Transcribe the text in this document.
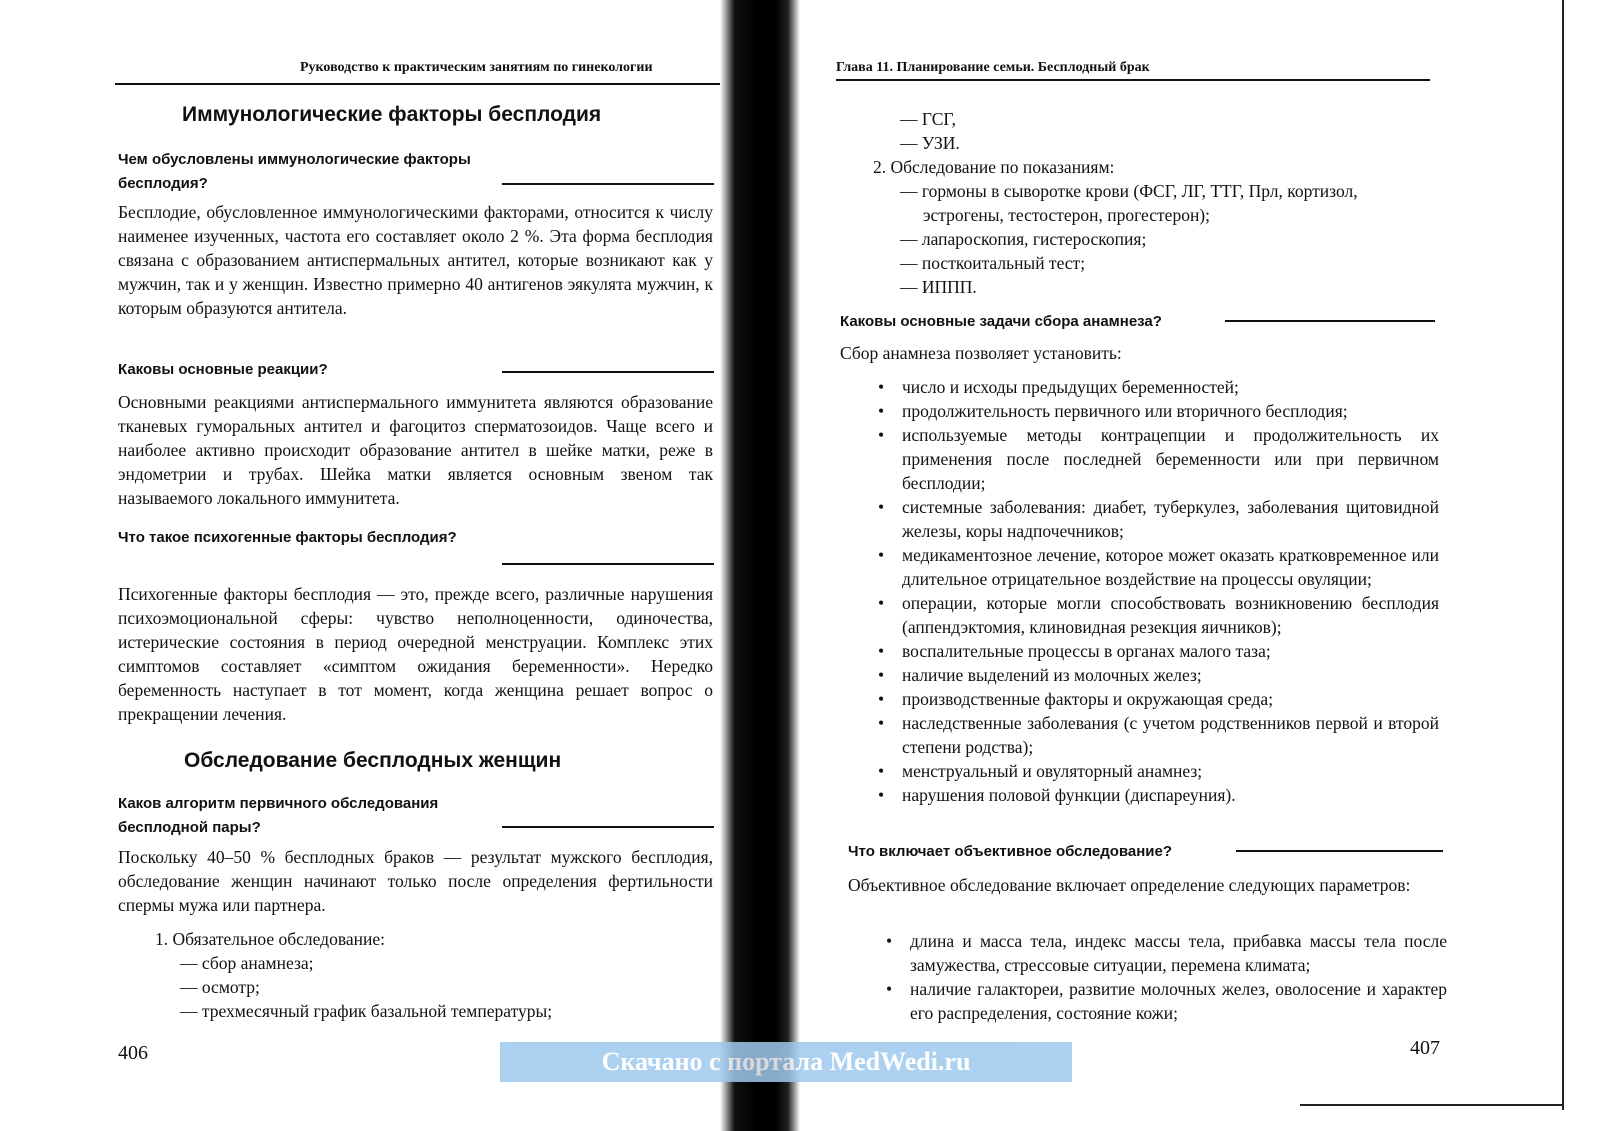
Руководство к практическим занятиям по гинекологии
Иммунологические факторы бесплодия
Чем обусловлены иммунологические факторы бесплодия?

Бесплодие, обусловленное иммунологическими факторами, относится к числу наименее изученных, частота его составляет около 2 %. Эта форма бесплодия связана с образованием антиспермальных антител, которые возникают как у мужчин, так и у женщин. Известно примерно 40 антигенов эякулята мужчин, к которым образуются антитела.

Каковы основные реакции?

Основными реакциями антиспермального иммунитета являются образование тканевых гуморальных антител и фагоцитоз сперматозоидов. Чаще всего и наиболее активно происходит образование антител в шейке матки, реже в эндометрии и трубах. Шейка матки является основным звеном так называемого локального иммунитета.

Что такое психогенные факторы бесплодия?

Психогенные факторы бесплодия — это, прежде всего, различные нарушения психоэмоциональной сферы: чувство неполноценности, одиночества, истерические состояния в период очередной менструации. Комплекс этих симптомов составляет «симптом ожидания беременности». Нередко беременность наступает в тот момент, когда женщина решает вопрос о прекращении лечения.

Обследование бесплодных женщин
Каков алгоритм первичного обследования бесплодной пары?

Поскольку 40–50 % бесплодных браков — результат мужского бесплодия, обследование женщин начинают только после определения фертильности спермы мужа или партнера.

1. Обязательное обследование:
— сбор анамнеза;
— осмотр;
— трехмесячный график базальной температуры;
406
Глава 11. Планирование семьи. Бесплодный брак
— ГСГ,
— УЗИ.
2. Обследование по показаниям:
— гормоны в сыворотке крови (ФСГ, ЛГ, ТТГ, Прл, кортизол,
эстрогены, тестостерон, прогестерон);
— лапароскопия, гистероскопия;
— посткоитальный тест;
— ИППП.
Каковы основные задачи сбора анамнеза?
Сбор анамнеза позволяет установить:
• число и исходы предыдущих беременностей;
• продолжительность первичного или вторичного бесплодия;
• используемые методы контрацепции и продолжительность их применения после последней беременности или при первичном бесплодии;
• системные заболевания: диабет, туберкулез, заболевания щитовидной железы, коры надпочечников;
• медикаментозное лечение, которое может оказать кратковременное или длительное отрицательное воздействие на процессы овуляции;
• операции, которые могли способствовать возникновению бесплодия (аппендэктомия, клиновидная резекция яичников);
• воспалительные процессы в органах малого таза;
• наличие выделений из молочных желез;
• производственные факторы и окружающая среда;
• наследственные заболевания (с учетом родственников первой и второй степени родства);
• менструальный и овуляторный анамнез;
• нарушения половой функции (диспареуния).
Что включает объективное обследование?

Объективное обследование включает определение следующих параметров:

• длина и масса тела, индекс массы тела, прибавка массы тела после замужества, стрессовые ситуации, перемена климата;
• наличие галактореи, развитие молочных желез, оволосение и характер его распределения, состояние кожи;
407
Скачано с портала MedWedi.ru
